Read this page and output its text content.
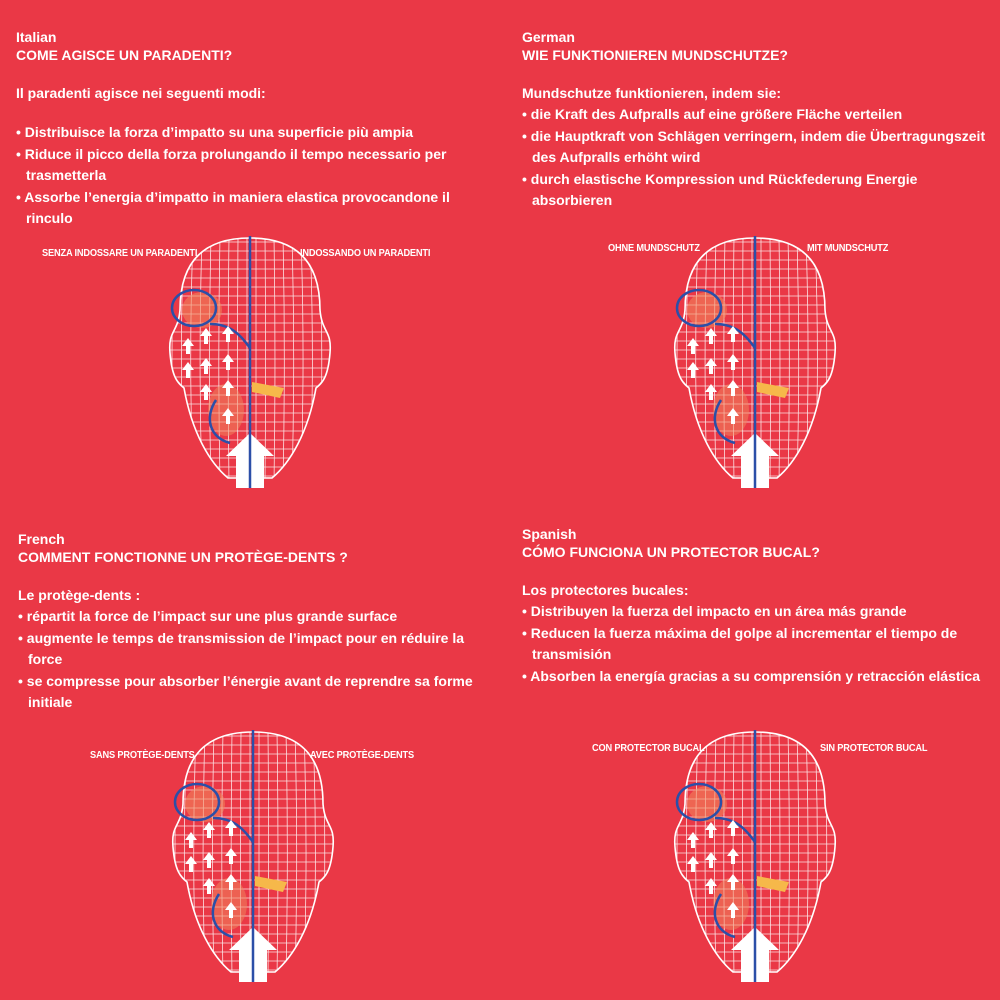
Italian
COME AGISCE UN PARADENTI?
Il paradenti agisce nei seguenti modi:
• Distribuisce la forza d’impatto su una superficie più ampia
• Riduce il picco della forza prolungando il tempo necessario per trasmetterla
• Assorbe l’energia d’impatto in maniera elastica provocandone il rinculo
SENZA INDOSSARE UN PARADENTI	INDOSSANDO UN PARADENTI
German
WIE FUNKTIONIEREN MUNDSCHUTZE?
Mundschutze funktionieren, indem sie:
• die Kraft des Aufpralls auf eine größere Fläche verteilen
• die Hauptkraft von Schlägen verringern, indem die Übertragungszeit des Aufpralls erhöht wird
• durch elastische Kompression und Rückfederung Energie absorbieren
OHNE MUNDSCHUTZ	MIT MUNDSCHUTZ
French
COMMENT FONCTIONNE UN PROTÈGE-DENTS ?
Le protège-dents :
• répartit la force de l’impact sur une plus grande surface
• augmente le temps de transmission de l’impact pour en réduire la force
• se compresse pour absorber l’énergie avant de reprendre sa forme initiale
SANS PROTÈGE-DENTS	AVEC PROTÈGE-DENTS
Spanish
CÓMO FUNCIONA UN PROTECTOR BUCAL?
Los protectores bucales:
• Distribuyen la fuerza del impacto en un área más grande
• Reducen la fuerza máxima del golpe al incrementar el tiempo de transmisión
• Absorben la energía gracias a su comprensión y retracción elástica
CON PROTECTOR BUCAL	SIN PROTECTOR BUCAL
